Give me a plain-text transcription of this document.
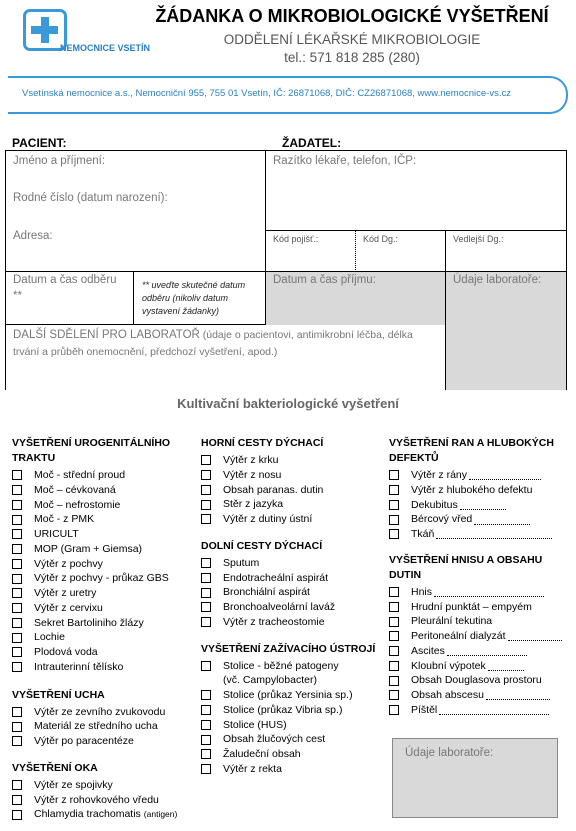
NEMOCNICE VSETÍN
ŽÁDANKA O MIKROBIOLOGICKÉ VYŠETŘENÍ
ODDĚLENÍ LÉKAŘSKÉ MIKROBIOLOGIE
tel.: 571 818 285 (280)
Vsetínská nemocnice a.s., Nemocniční 955, 755 01 Vsetín, IČ: 26871068, DIČ: CZ26871068, www.nemocnice-vs.cz
PACIENT:	ŽADATEL:
Jméno a příjmení:
Rodné číslo (datum narození):
Adresa:
Razítko lékaře, telefon, IČP:
Kód pojišť.:	Kód Dg.:	Vedlejší Dg.:
Datum a čas odběru
**
** uveďte skutečné datum odběru (nikoliv datum vystavení žádanky)
Datum a čas příjmu:	Údaje laboratoře:
DALŠÍ SDĚLENÍ PRO LABORATOŘ (údaje o pacientovi, antimikrobní léčba, délka trvání a průběh onemocnění, předchozí vyšetření, apod.)
Kultivační bakteriologické vyšetření
VYŠETŘENÍ UROGENITÁLNÍHO TRAKTU
Moč - střední proud
Moč – cévkovaná
Moč – nefrostomie
Moč - z PMK
URICULT
MOP (Gram + Giemsa)
Výtěr z pochvy
Výtěr z pochvy - průkaz GBS
Výtěr z uretry
Výtěr z cervixu
Sekret Bartoliniho žlázy
Lochie
Plodová voda
Intrauterinní tělísko
VYŠETŘENÍ UCHA
Výtěr ze zevního zvukovodu
Materiál ze středního ucha
Výtěr po paracentéze
VYŠETŘENÍ OKA
Výtěr ze spojivky
Výtěr z rohovkového vředu
Chlamydia trachomatis (antigen)
HORNÍ CESTY DÝCHACÍ
Výtěr z krku
Výtěr z nosu
Obsah paranas. dutin
Stěr z jazyka
Výtěr z dutiny ústní
DOLNÍ CESTY DÝCHACÍ
Sputum
Endotracheální aspirát
Bronchiální aspirát
Bronchoalveolární laváž
Výtěr z tracheostomie
VYŠETŘENÍ ZAŽÍVACÍHO ÚSTROJÍ
Stolice - běžné patogeny
(vč. Campylobacter)
Stolice (průkaz Yersinia sp.)
Stolice (průkaz Vibria sp.)
Stolice (HUS)
Obsah žlučových cest
Žaludeční obsah
Výtěr z rekta
VYŠETŘENÍ RAN A HLUBOKÝCH DEFEKTŮ
Výtěr z rány
Výtěr z hlubokého defektu
Dekubitus
Bércový vřed
Tkáň
VYŠETŘENÍ HNISU A OBSAHU DUTIN
Hnis
Hrudní punktát – empyém
Pleurální tekutina
Peritoneální dialyzát
Ascites
Kloubní výpotek
Obsah Douglasova prostoru
Obsah abscesu
Píštěl
Údaje laboratoře:
